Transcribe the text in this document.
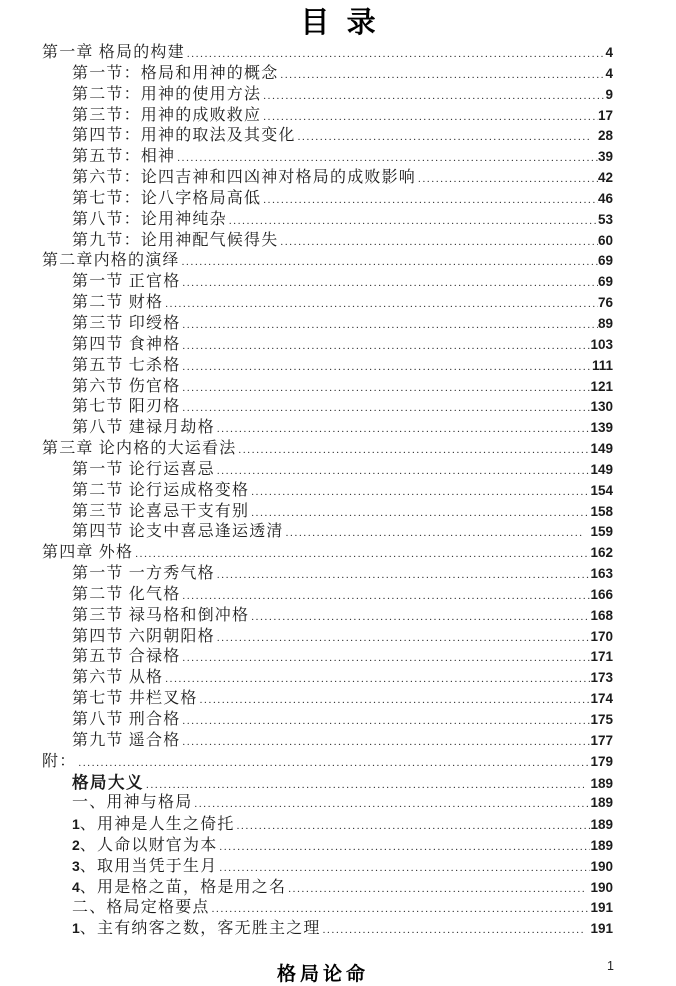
目 录
第一章 格局的构建 .....	4
第一节：格局和用神的概念 .....	4
第二节：用神的使用方法 .....	9
第三节：用神的成败救应 .....	17
第四节：用神的取法及其变化 .....	28
第五节：相神 .....	39
第六节：论四吉神和四凶神对格局的成败影响 .....	42
第七节：论八字格局高低 .....	46
第八节：论用神纯杂 .....	53
第九节：论用神配气候得失 .....	60
第二章内格的演绎 .....	69
第一节 正官格 .....	69
第二节 财格 .....	76
第三节 印绶格 .....	89
第四节 食神格 .....	103
第五节 七杀格 .....	111
第六节 伤官格 .....	121
第七节 阳刃格 .....	130
第八节 建禄月劫格 .....	139
第三章 论内格的大运看法 .....	149
第一节 论行运喜忌 .....	149
第二节 论行运成格变格 .....	154
第三节 论喜忌干支有别 .....	158
第四节 论支中喜忌逢运透清 .....	159
第四章 外格 .....	162
第一节 一方秀气格 .....	163
第二节 化气格 .....	166
第三节 禄马格和倒冲格 .....	168
第四节 六阴朝阳格 .....	170
第五节 合禄格 .....	171
第六节 从格 .....	173
第七节 井栏叉格 .....	174
第八节 刑合格 .....	175
第九节 遥合格 .....	177
附： .....	179
格局大义 .....	189
一、用神与格局 .....	189
1 、用神是人生之倚托 .....	189
2 、人命以财官为本 .....	189
3 、取用当凭于生月 .....	190
4 、用是格之苗，格是用之名 .....	190
二、格局定格要点 .....	191
1 、主有纳客之数，客无胜主之理 .....	191
格局论命	1
